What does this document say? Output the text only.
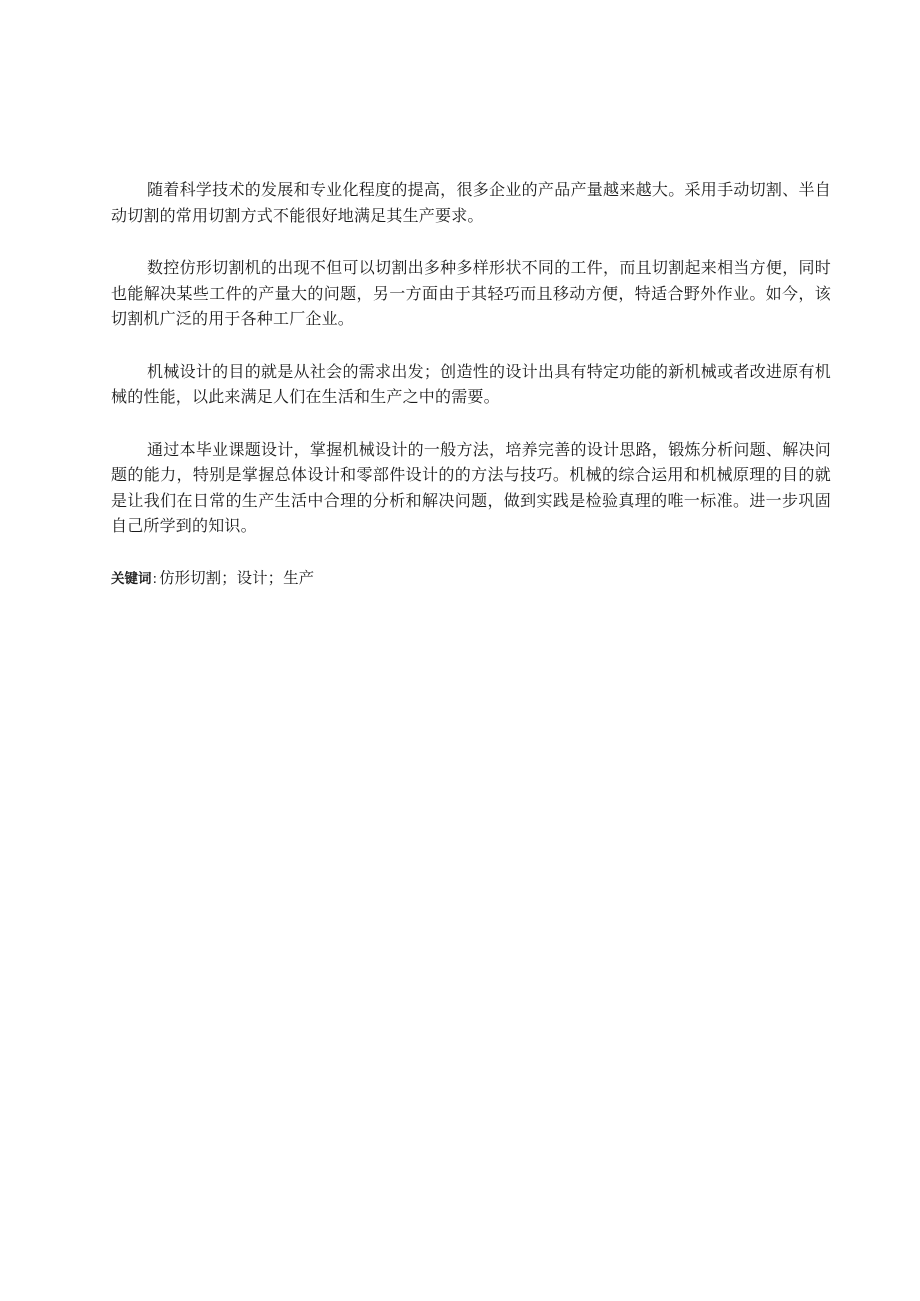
随着科学技术的发展和专业化程度的提高，很多企业的产品产量越来越大。采用手动切割、半自动切割的常用切割方式不能很好地满足其生产要求。

数控仿形切割机的出现不但可以切割出多种多样形状不同的工件，而且切割起来相当方便，同时也能解决某些工件的产量大的问题，另一方面由于其轻巧而且移动方便，特适合野外作业。如今，该切割机广泛的用于各种工厂企业。

机械设计的目的就是从社会的需求出发；创造性的设计出具有特定功能的新机械或者改进原有机械的性能，以此来满足人们在生活和生产之中的需要。

通过本毕业课题设计，掌握机械设计的一般方法，培养完善的设计思路，锻炼分析问题、解决问题的能力，特别是掌握总体设计和零部件设计的的方法与技巧。机械的综合运用和机械原理的目的就是让我们在日常的生产生活中合理的分析和解决问题，做到实践是检验真理的唯一标准。进一步巩固自己所学到的知识。

关键词: 仿形切割；设计；生产
